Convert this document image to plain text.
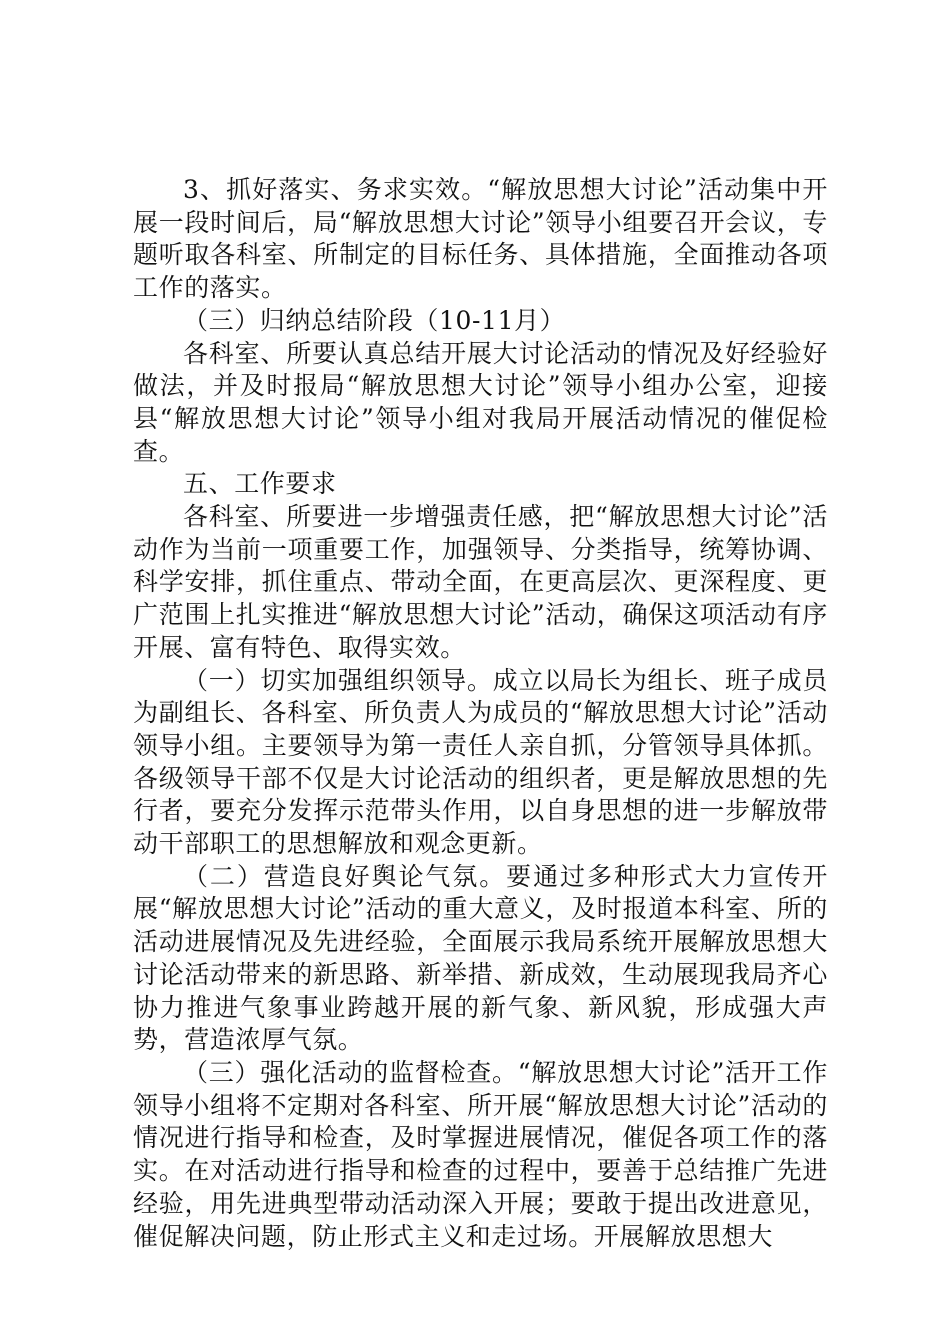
3、抓好落实、务求实效。“解放思想大讨论”活动集中开展一段时间后，局“解放思想大讨论”领导小组要召开会议，专题听取各科室、所制定的目标任务、具体措施，全面推动各项工作的落实。

（三）归纳总结阶段（10-11月）

各科室、所要认真总结开展大讨论活动的情况及好经验好做法，并及时报局“解放思想大讨论”领导小组办公室，迎接县“解放思想大讨论”领导小组对我局开展活动情况的催促检查。

五、工作要求

各科室、所要进一步增强责任感，把“解放思想大讨论”活动作为当前一项重要工作，加强领导、分类指导，统筹协调、科学安排，抓住重点、带动全面，在更高层次、更深程度、更广范围上扎实推进“解放思想大讨论”活动，确保这项活动有序开展、富有特色、取得实效。

（一）切实加强组织领导。成立以局长为组长、班子成员为副组长、各科室、所负责人为成员的“解放思想大讨论”活动领导小组。主要领导为第一责任人亲自抓，分管领导具体抓。各级领导干部不仅是大讨论活动的组织者，更是解放思想的先行者，要充分发挥示范带头作用，以自身思想的进一步解放带动干部职工的思想解放和观念更新。

（二）营造良好舆论气氛。要通过多种形式大力宣传开展“解放思想大讨论”活动的重大意义，及时报道本科室、所的活动进展情况及先进经验，全面展示我局系统开展解放思想大讨论活动带来的新思路、新举措、新成效，生动展现我局齐心协力推进气象事业跨越开展的新气象、新风貌，形成强大声势，营造浓厚气氛。

（三）强化活动的监督检查。“解放思想大讨论”活开工作领导小组将不定期对各科室、所开展“解放思想大讨论”活动的情况进行指导和检查，及时掌握进展情况，催促各项工作的落实。在对活动进行指导和检查的过程中，要善于总结推广先进经验，用先进典型带动活动深入开展；要敢于提出改进意见，催促解决问题，防止形式主义和走过场。开展解放思想大
